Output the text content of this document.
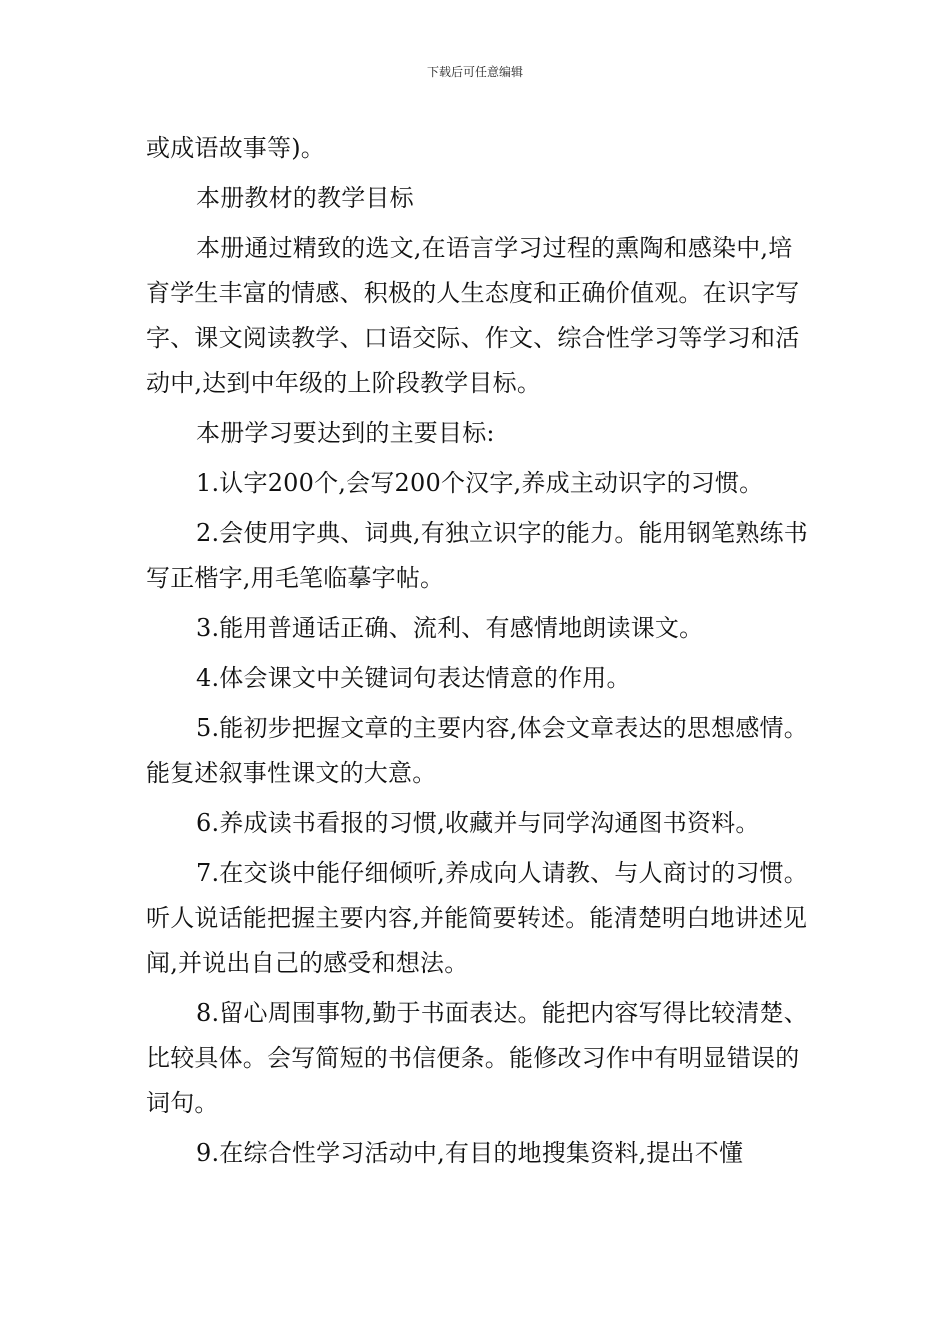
下载后可任意编辑

或成语故事等)。

本册教材的教学目标

本册通过精致的选文,在语言学习过程的熏陶和感染中,培育学生丰富的情感、积极的人生态度和正确价值观。在识字写字、课文阅读教学、口语交际、作文、综合性学习等学习和活动中,达到中年级的上阶段教学目标。

本册学习要达到的主要目标:

1.认字200个,会写200个汉字,养成主动识字的习惯。

2.会使用字典、词典,有独立识字的能力。能用钢笔熟练书写正楷字,用毛笔临摹字帖。

3.能用普通话正确、流利、有感情地朗读课文。

4.体会课文中关键词句表达情意的作用。

5.能初步把握文章的主要内容,体会文章表达的思想感情。能复述叙事性课文的大意。

6.养成读书看报的习惯,收藏并与同学沟通图书资料。

7.在交谈中能仔细倾听,养成向人请教、与人商讨的习惯。听人说话能把握主要内容,并能简要转述。能清楚明白地讲述见闻,并说出自己的感受和想法。

8.留心周围事物,勤于书面表达。能把内容写得比较清楚、比较具体。会写简短的书信便条。能修改习作中有明显错误的词句。

9.在综合性学习活动中,有目的地搜集资料,提出不懂
